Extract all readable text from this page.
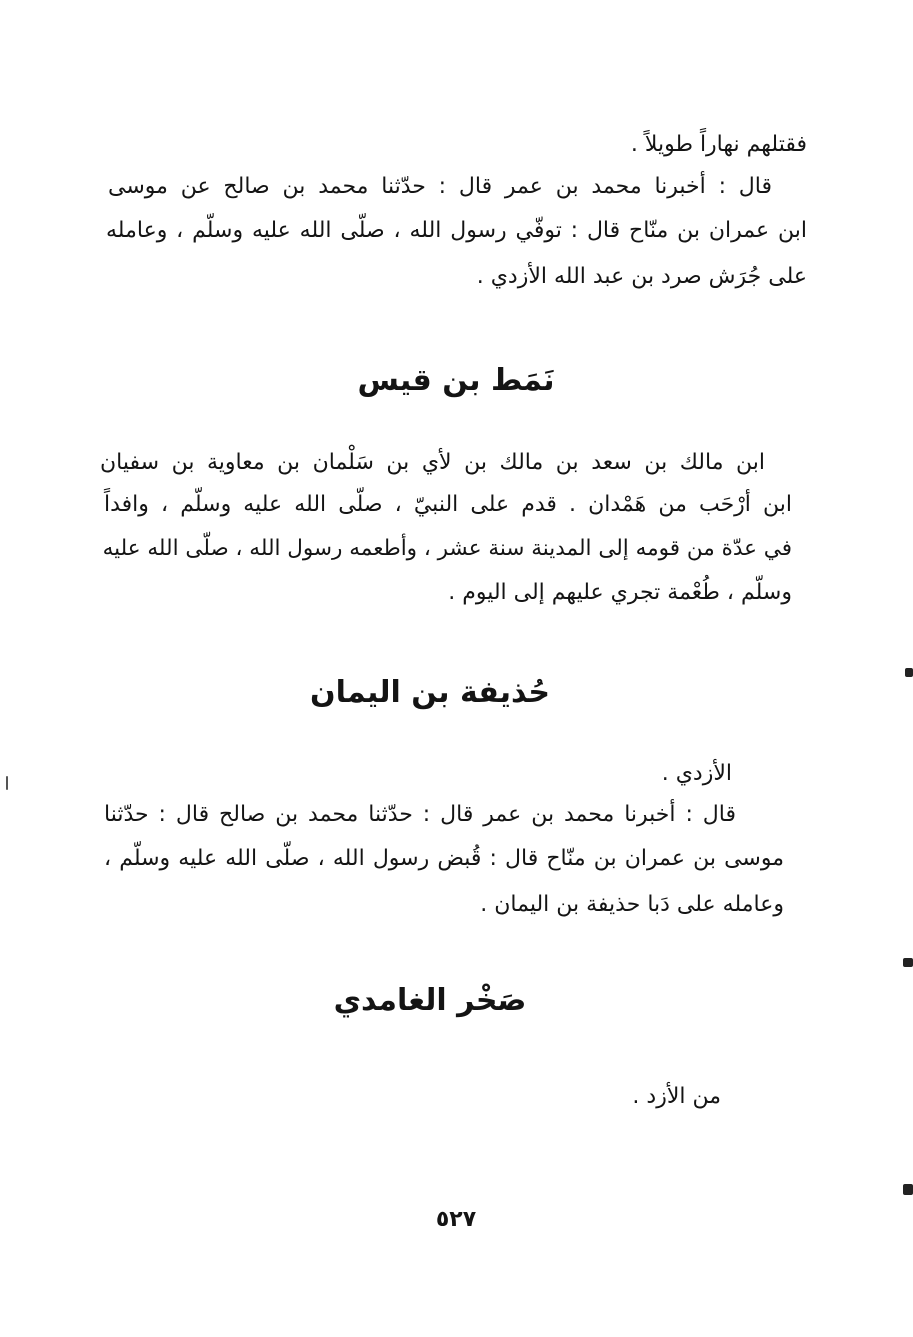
فقتلهم نهاراً طويلاً .
قال : أخبرنا محمد بن عمر قال : حدّثنا محمد بن صالح عن موسى
ابن عمران بن منّاح قال : توفّي رسول الله ، صلّى الله عليه وسلّم ، وعامله
على جُرَش صرد بن عبد الله الأزدي .
نَمَط بن قيس
ابن مالك بن سعد بن مالك بن لأي بن سَلْمان بن معاوية بن سفيان
ابن أرْحَب من هَمْدان . قدم على النبيّ ، صلّى الله عليه وسلّم ، وافداً
في عدّة من قومه إلى المدينة سنة عشر ، وأطعمه رسول الله ، صلّى الله عليه
وسلّم ، طُعْمة تجري عليهم إلى اليوم .
حُذيفة بن اليمان
الأزدي .
قال : أخبرنا محمد بن عمر قال : حدّثنا محمد بن صالح قال : حدّثنا
موسى بن عمران بن منّاح قال : قُبض رسول الله ، صلّى الله عليه وسلّم ،
وعامله على دَبا حذيفة بن اليمان .
صَخْر الغامدي
من الأزد .
٥٢٧
